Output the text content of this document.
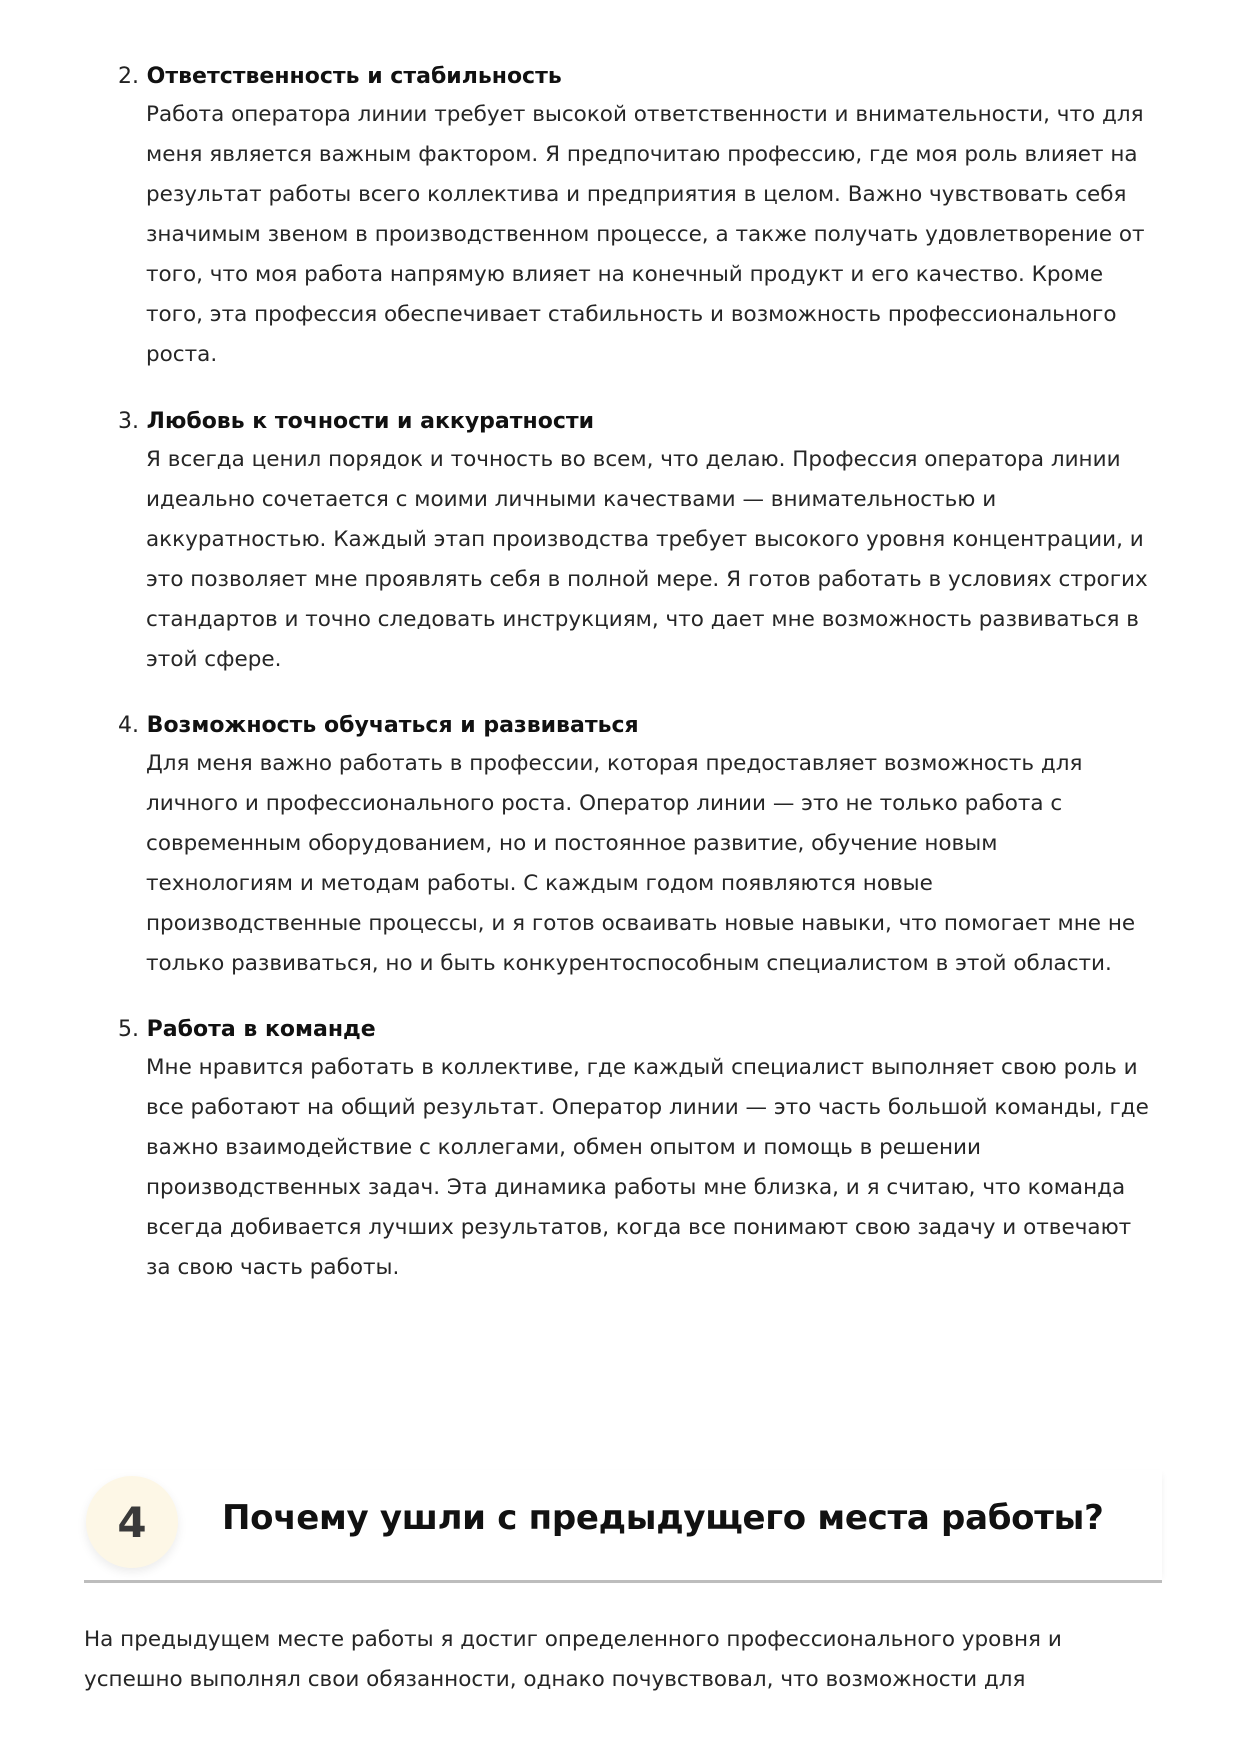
2. Ответственность и стабильность
Работа оператора линии требует высокой ответственности и внимательности, что для
меня является важным фактором. Я предпочитаю профессию, где моя роль влияет на
результат работы всего коллектива и предприятия в целом. Важно чувствовать себя
значимым звеном в производственном процессе, а также получать удовлетворение от
того, что моя работа напрямую влияет на конечный продукт и его качество. Кроме
того, эта профессия обеспечивает стабильность и возможность профессионального
роста.
3. Любовь к точности и аккуратности
Я всегда ценил порядок и точность во всем, что делаю. Профессия оператора линии
идеально сочетается с моими личными качествами — внимательностью и
аккуратностью. Каждый этап производства требует высокого уровня концентрации, и
это позволяет мне проявлять себя в полной мере. Я готов работать в условиях строгих
стандартов и точно следовать инструкциям, что дает мне возможность развиваться в
этой сфере.
4. Возможность обучаться и развиваться
Для меня важно работать в профессии, которая предоставляет возможность для
личного и профессионального роста. Оператор линии — это не только работа с
современным оборудованием, но и постоянное развитие, обучение новым
технологиям и методам работы. С каждым годом появляются новые
производственные процессы, и я готов осваивать новые навыки, что помогает мне не
только развиваться, но и быть конкурентоспособным специалистом в этой области.
5. Работа в команде
Мне нравится работать в коллективе, где каждый специалист выполняет свою роль и
все работают на общий результат. Оператор линии — это часть большой команды, где
важно взаимодействие с коллегами, обмен опытом и помощь в решении
производственных задач. Эта динамика работы мне близка, и я считаю, что команда
всегда добивается лучших результатов, когда все понимают свою задачу и отвечают
за свою часть работы.
4	Почему ушли с предыдущего места работы?
На предыдущем месте работы я достиг определенного профессионального уровня и
успешно выполнял свои обязанности, однако почувствовал, что возможности для
